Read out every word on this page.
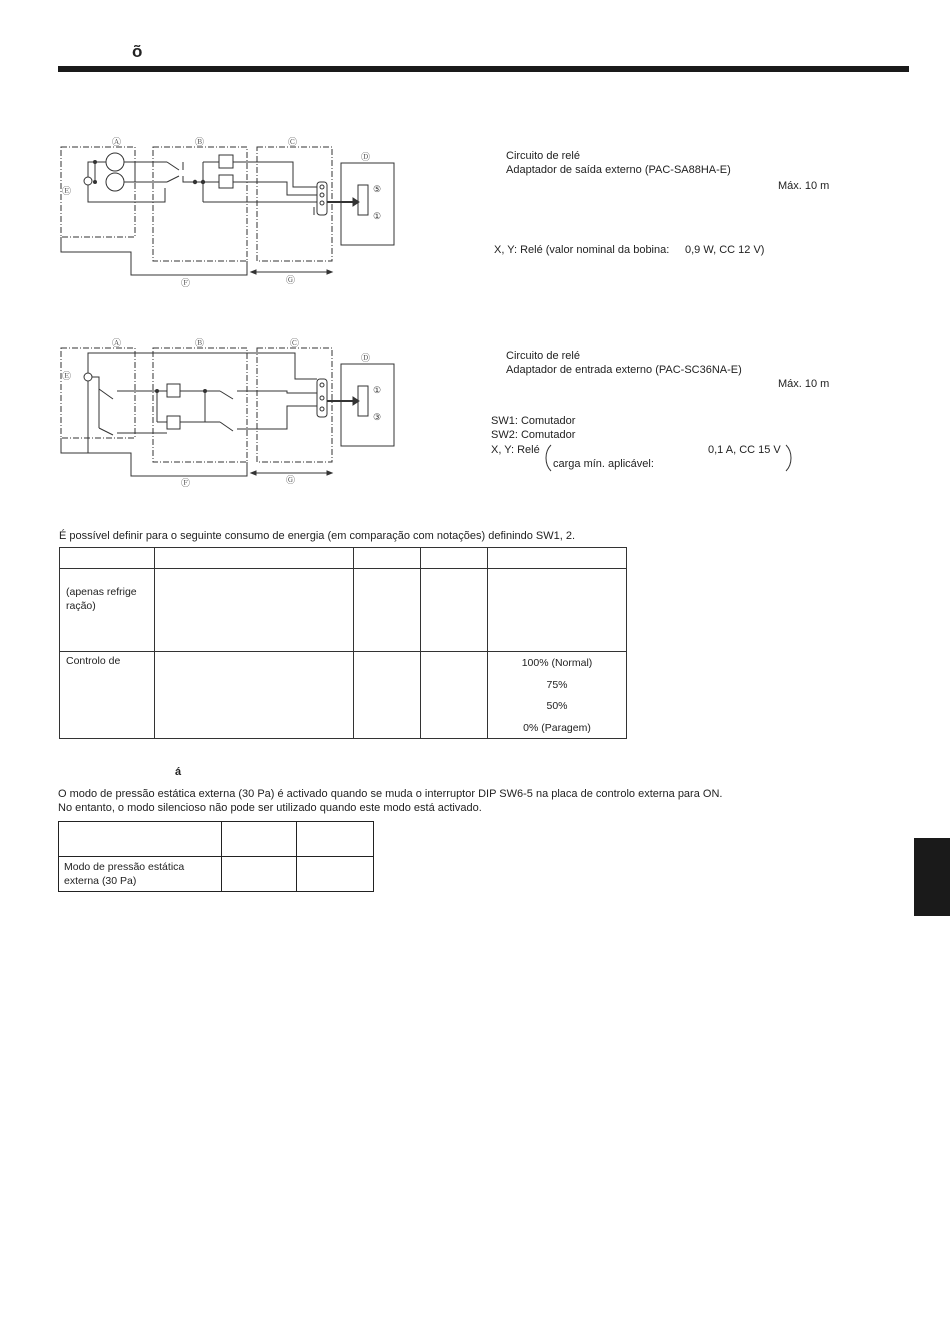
õ
Ⓐ	Ⓑ	Ⓒ
Ⓓ
Ⓔ
Ⓕ	Ⓖ
⑤
①
Circuito de relé
Adaptador de saída externo (PAC-SA88HA-E)
Máx. 10 m
X, Y: Relé (valor nominal da bobina: 0,9 W, CC 12 V)
Ⓐ	Ⓑ	Ⓒ
Ⓓ
Ⓔ
Ⓕ	Ⓖ
①
③
Circuito de relé
Adaptador de entrada externo (PAC-SC36NA-E)
Máx. 10 m
SW1: Comutador
SW2: Comutador
X, Y: Relé	0,1 A, CC 15 V
carga mín. aplicável:
É possível definir para o seguinte consumo de energia (em comparação com notações) definindo SW1, 2.

(apenas refrige ração)				

Controlo de				100% (Normal)
75%
50%
0% (Paragem)
á
O modo de pressão estática externa (30 Pa) é activado quando se muda o interruptor DIP SW6-5 na placa de controlo externa para ON.
No entanto, o modo silencioso não pode ser utilizado quando este modo está activado.

Modo de pressão estática externa (30 Pa)		
